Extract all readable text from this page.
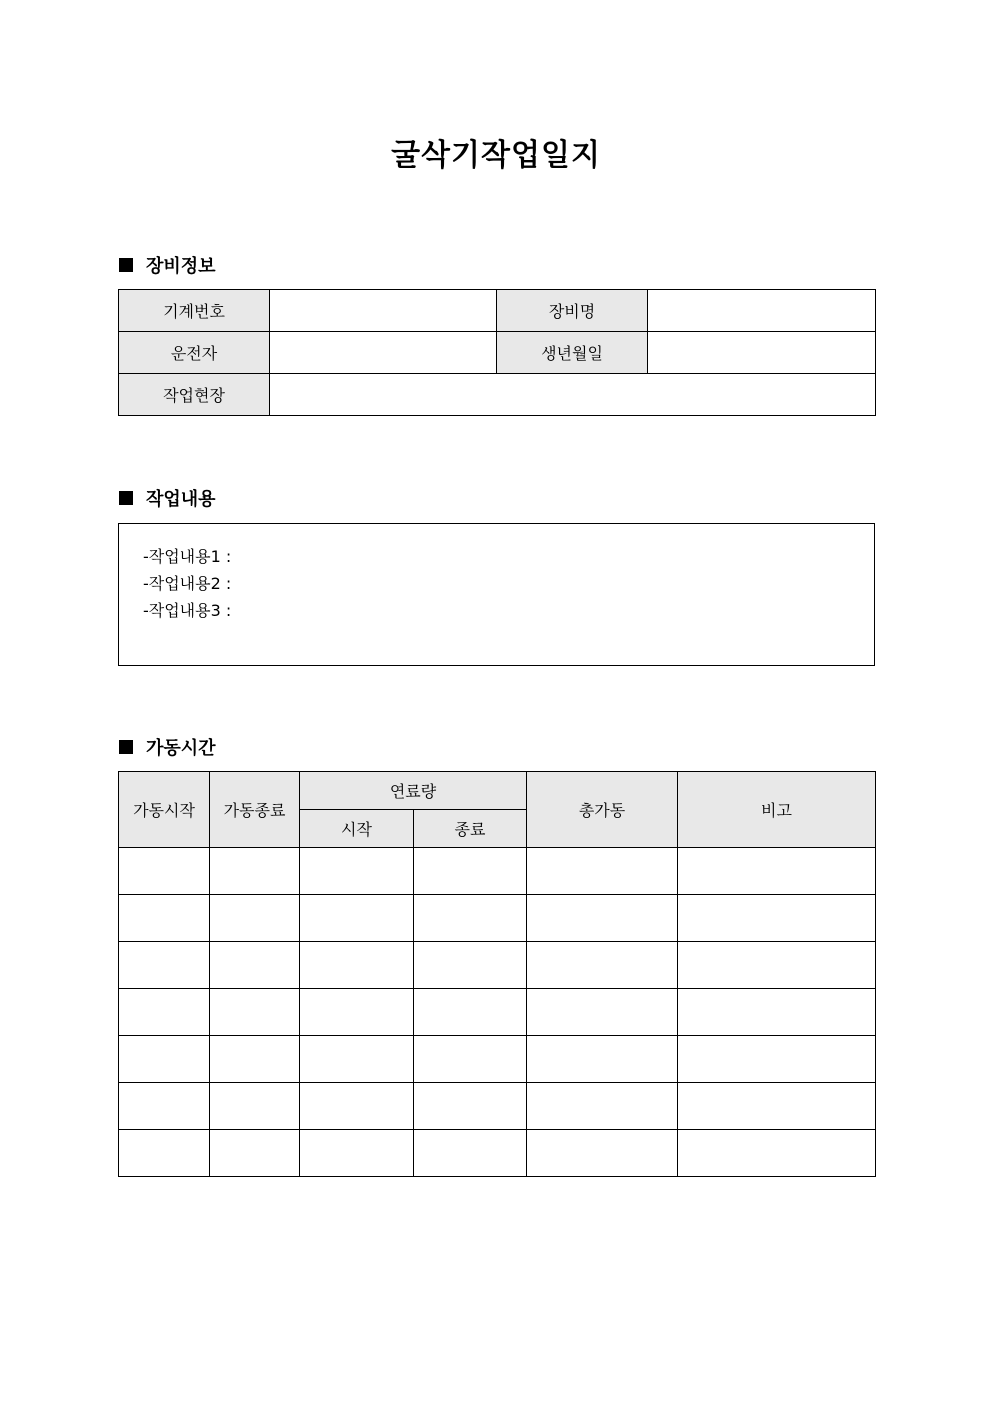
굴삭기작업일지
장비정보
기계번호		장비명	
운전자		생년월일	
작업현장			
작업내용
-작업내용1 :
-작업내용2 :
-작업내용3 :
가동시간
가동시작	가동종료	연료량		총가동	비고
		시작	종료		
